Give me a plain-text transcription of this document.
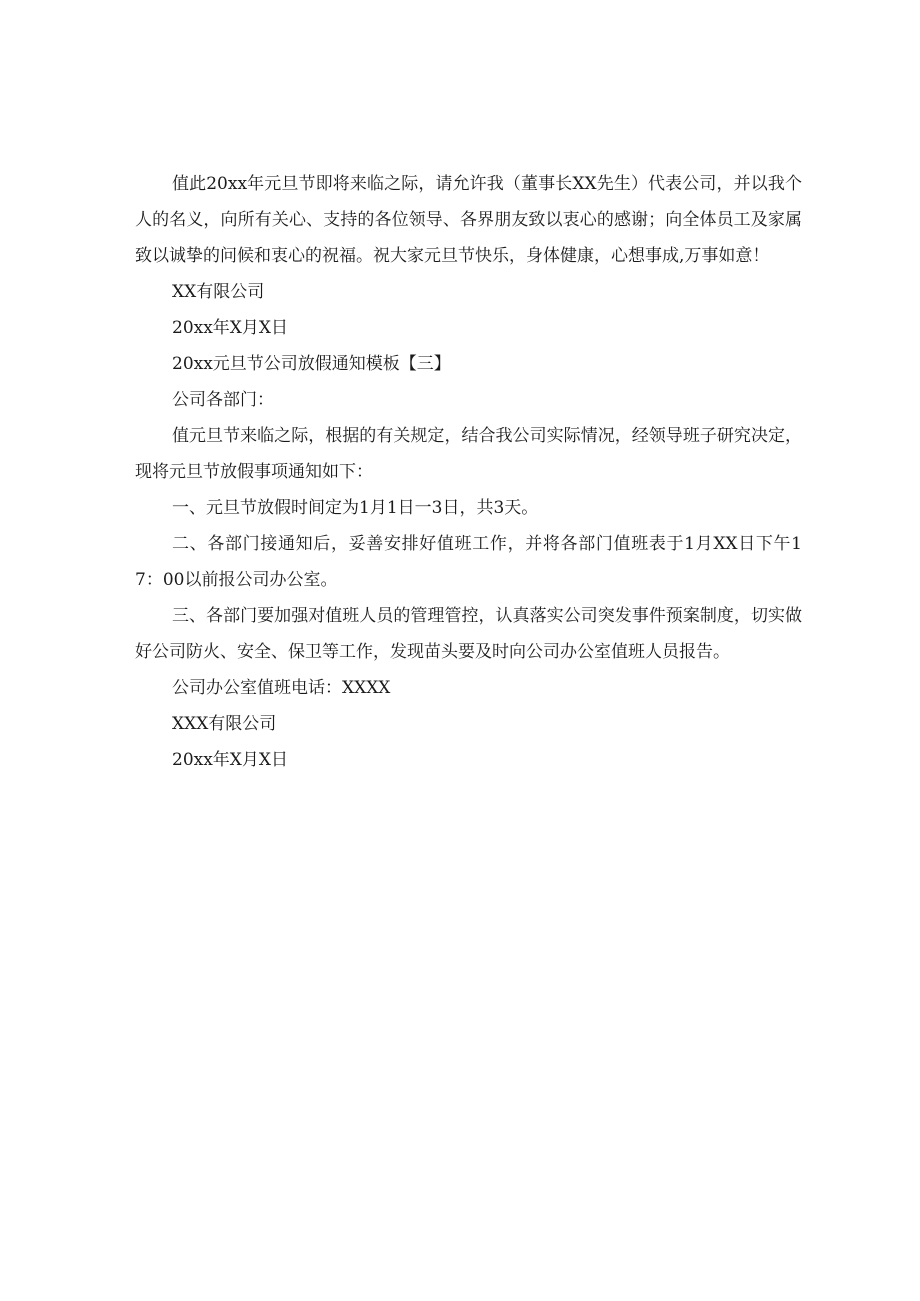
值此20xx年元旦节即将来临之际，请允许我（董事长XX先生）代表公司，并以我个人的名义，向所有关心、支持的各位领导、各界朋友致以衷心的感谢；向全体员工及家属致以诚挚的问候和衷心的祝福。祝大家元旦节快乐，身体健康，心想事成,万事如意！

XX有限公司

20xx年X月X日

20xx元旦节公司放假通知模板【三】

公司各部门：

值元旦节来临之际，根据的有关规定，结合我公司实际情况，经领导班子研究决定，现将元旦节放假事项通知如下：

一、元旦节放假时间定为1月1日一3日，共3天。

二、各部门接通知后，妥善安排好值班工作，并将各部门值班表于1月XX日下午17：00以前报公司办公室。

三、各部门要加强对值班人员的管理管控，认真落实公司突发事件预案制度，切实做好公司防火、安全、保卫等工作，发现苗头要及时向公司办公室值班人员报告。

公司办公室值班电话：XXXX

XXX有限公司

20xx年X月X日
